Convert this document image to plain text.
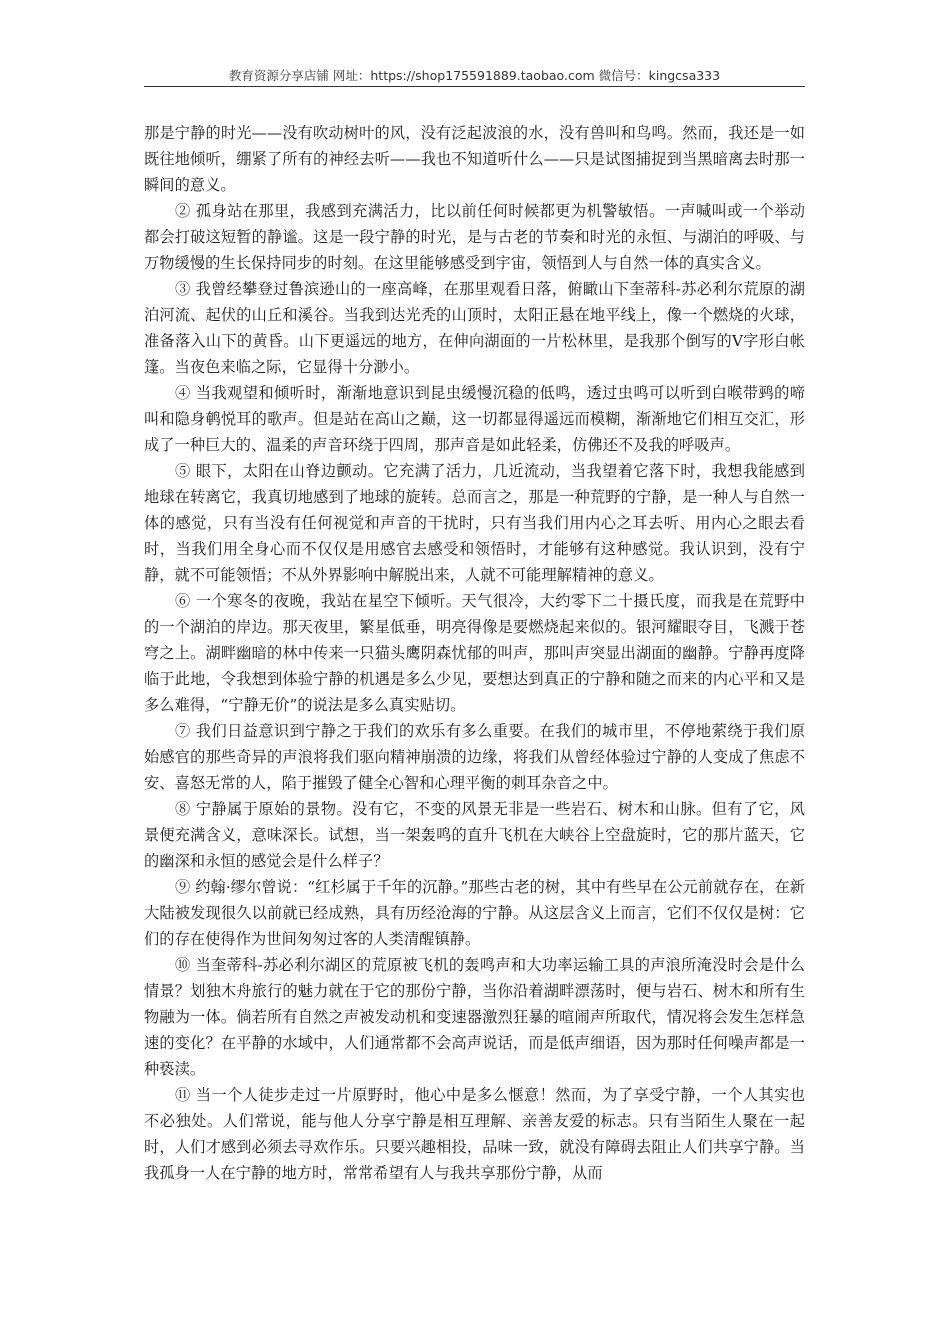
教育资源分享店铺 网址：https://shop175591889.taobao.com 微信号：kingcsa333

那是宁静的时光——没有吹动树叶的风，没有泛起波浪的水，没有兽叫和鸟鸣。然而，我还是一如既往地倾听，绷紧了所有的神经去听——我也不知道听什么——只是试图捕捉到当黑暗离去时那一瞬间的意义。

② 孤身站在那里，我感到充满活力，比以前任何时候都更为机警敏悟。一声喊叫或一个举动都会打破这短暂的静谧。这是一段宁静的时光，是与古老的节奏和时光的永恒、与湖泊的呼吸、与万物缓慢的生长保持同步的时刻。在这里能够感受到宇宙，领悟到人与自然一体的真实含义。

③ 我曾经攀登过鲁滨逊山的一座高峰，在那里观看日落，俯瞰山下奎蒂科-苏必利尔荒原的湖泊河流、起伏的山丘和溪谷。当我到达光秃的山顶时，太阳正悬在地平线上，像一个燃烧的火球，准备落入山下的黄昏。山下更遥远的地方，在伸向湖面的一片松林里，是我那个倒写的V字形白帐篷。当夜色来临之际，它显得十分渺小。

④ 当我观望和倾听时，渐渐地意识到昆虫缓慢沉稳的低鸣，透过虫鸣可以听到白喉带鹀的啼叫和隐身鹌悦耳的歌声。但是站在高山之巅，这一切都显得遥远而模糊，渐渐地它们相互交汇，形成了一种巨大的、温柔的声音环绕于四周，那声音是如此轻柔，仿佛还不及我的呼吸声。

⑤ 眼下，太阳在山脊边颤动。它充满了活力，几近流动，当我望着它落下时，我想我能感到地球在转离它，我真切地感到了地球的旋转。总而言之，那是一种荒野的宁静，是一种人与自然一体的感觉，只有当没有任何视觉和声音的干扰时，只有当我们用内心之耳去听、用内心之眼去看时，当我们用全身心而不仅仅是用感官去感受和领悟时，才能够有这种感觉。我认识到，没有宁静，就不可能领悟；不从外界影响中解脱出来，人就不可能理解精神的意义。

⑥ 一个寒冬的夜晚，我站在星空下倾听。天气很冷，大约零下二十摄氏度，而我是在荒野中的一个湖泊的岸边。那天夜里，繁星低垂，明亮得像是要燃烧起来似的。银河耀眼夺目，飞溅于苍穹之上。湖畔幽暗的林中传来一只猫头鹰阴森忧郁的叫声，那叫声突显出湖面的幽静。宁静再度降临于此地，令我想到体验宁静的机遇是多么少见，要想达到真正的宁静和随之而来的内心平和又是多么难得，“宁静无价”的说法是多么真实贴切。

⑦ 我们日益意识到宁静之于我们的欢乐有多么重要。在我们的城市里，不停地萦绕于我们原始感官的那些奇异的声浪将我们驱向精神崩溃的边缘，将我们从曾经体验过宁静的人变成了焦虑不安、喜怒无常的人，陷于摧毁了健全心智和心理平衡的刺耳杂音之中。

⑧ 宁静属于原始的景物。没有它，不变的风景无非是一些岩石、树木和山脉。但有了它，风景便充满含义，意味深长。试想，当一架轰鸣的直升飞机在大峡谷上空盘旋时，它的那片蓝天，它的幽深和永恒的感觉会是什么样子？

⑨ 约翰·缪尔曾说：“红杉属于千年的沉静。”那些古老的树，其中有些早在公元前就存在，在新大陆被发现很久以前就已经成熟，具有历经沧海的宁静。从这层含义上而言，它们不仅仅是树：它们的存在使得作为世间匆匆过客的人类清醒镇静。

⑩ 当奎蒂科-苏必利尔湖区的荒原被飞机的轰鸣声和大功率运输工具的声浪所淹没时会是什么情景？划独木舟旅行的魅力就在于它的那份宁静，当你沿着湖畔漂荡时，便与岩石、树木和所有生物融为一体。倘若所有自然之声被发动机和变速器激烈狂暴的喧闹声所取代，情况将会发生怎样急速的变化？在平静的水域中，人们通常都不会高声说话，而是低声细语，因为那时任何噪声都是一种亵渎。

⑪ 当一个人徒步走过一片原野时，他心中是多么惬意！然而，为了享受宁静，一个人其实也不必独处。人们常说，能与他人分享宁静是相互理解、亲善友爱的标志。只有当陌生人聚在一起时，人们才感到必须去寻欢作乐。只要兴趣相投，品味一致，就没有障碍去阻止人们共享宁静。当我孤身一人在宁静的地方时，常常希望有人与我共享那份宁静，从而
